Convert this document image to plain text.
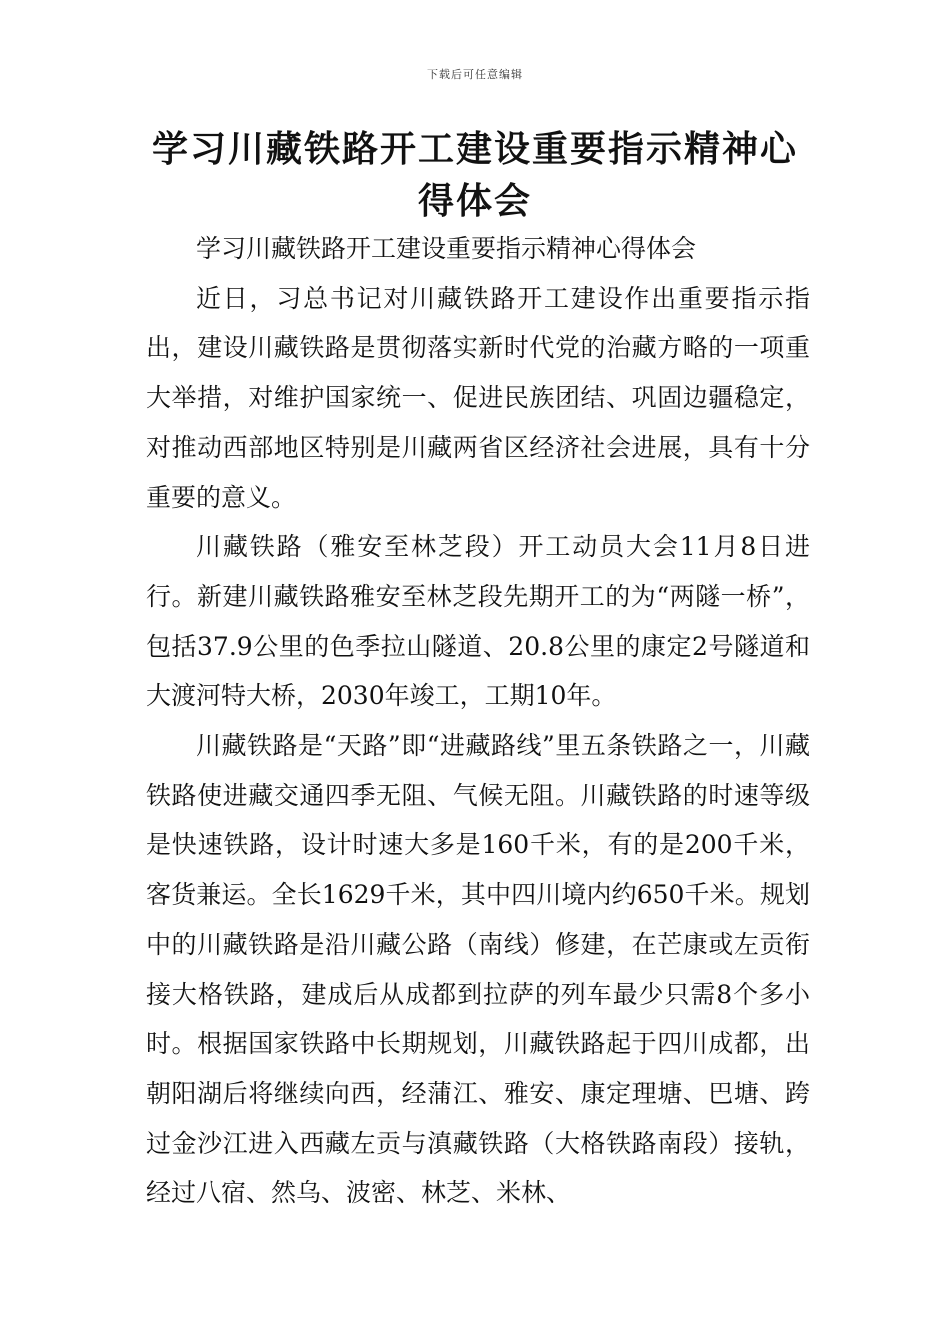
下载后可任意编辑
学习川藏铁路开工建设重要指示精神心得体会

学习川藏铁路开工建设重要指示精神心得体会

近日，习总书记对川藏铁路开工建设作出重要指示指出，建设川藏铁路是贯彻落实新时代党的治藏方略的一项重大举措，对维护国家统一、促进民族团结、巩固边疆稳定，对推动西部地区特别是川藏两省区经济社会进展，具有十分重要的意义。

川藏铁路（雅安至林芝段）开工动员大会11月8日进行。新建川藏铁路雅安至林芝段先期开工的为“两隧一桥”，包括37.9公里的色季拉山隧道、20.8公里的康定2号隧道和大渡河特大桥，2030年竣工，工期10年。

川藏铁路是“天路”即“进藏路线”里五条铁路之一，川藏铁路使进藏交通四季无阻、气候无阻。川藏铁路的时速等级是快速铁路，设计时速大多是160千米，有的是200千米，客货兼运。全长1629千米，其中四川境内约650千米。规划中的川藏铁路是沿川藏公路（南线）修建，在芒康或左贡衔接大格铁路，建成后从成都到拉萨的列车最少只需8个多小时。根据国家铁路中长期规划，川藏铁路起于四川成都，出朝阳湖后将继续向西，经蒲江、雅安、康定理塘、巴塘、跨过金沙江进入西藏左贡与滇藏铁路（大格铁路南段）接轨，经过八宿、然乌、波密、林芝、米林、
